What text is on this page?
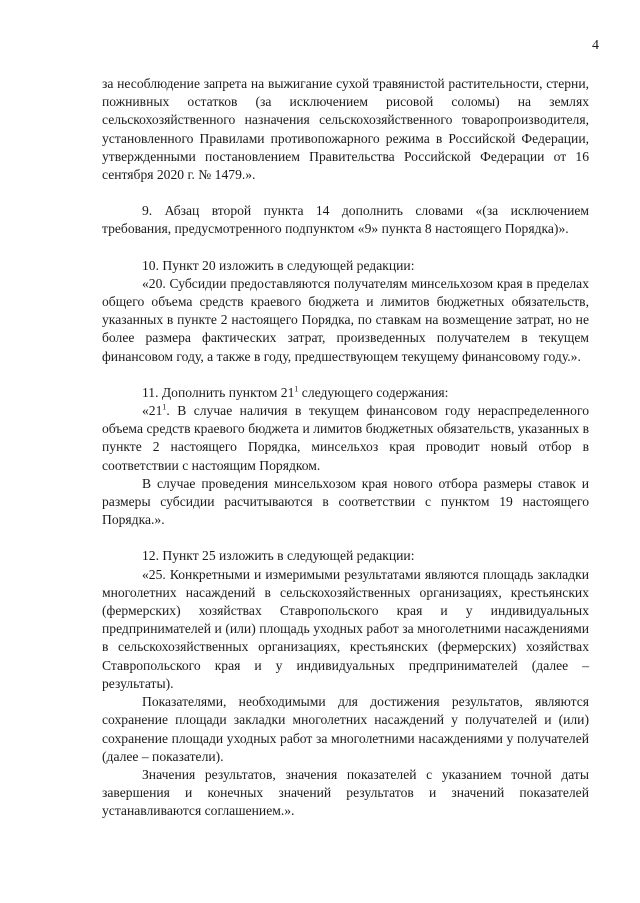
4

за несоблюдение запрета на выжигание сухой травянистой растительности, стерни, пожнивных остатков (за исключением рисовой соломы) на землях сельскохозяйственного назначения сельскохозяйственного товаропроизводителя, установленного Правилами противопожарного режима в Российской Федерации, утвержденными постановлением Правительства Российской Федерации от 16 сентября 2020 г. № 1479.».

9. Абзац второй пункта 14 дополнить словами «(за исключением требования, предусмотренного подпунктом «9» пункта 8 настоящего Порядка)».

10. Пункт 20 изложить в следующей редакции:

«20. Субсидии предоставляются получателям минсельхозом края в пределах общего объема средств краевого бюджета и лимитов бюджетных обязательств, указанных в пункте 2 настоящего Порядка, по ставкам на возмещение затрат, но не более размера фактических затрат, произведенных получателем в текущем финансовом году, а также в году, предшествующем текущему финансовому году.».

11. Дополнить пунктом $21^1$ следующего содержания:

«$21^1$. В случае наличия в текущем финансовом году нераспределенного объема средств краевого бюджета и лимитов бюджетных обязательств, указанных в пункте 2 настоящего Порядка, минсельхоз края проводит новый отбор в соответствии с настоящим Порядком.

В случае проведения минсельхозом края нового отбора размеры ставок и размеры субсидии расчитываются в соответствии с пунктом 19 настоящего Порядка.».

12. Пункт 25 изложить в следующей редакции:

«25. Конкретными и измеримыми результатами являются площадь закладки многолетних насаждений в сельскохозяйственных организациях, крестьянских (фермерских) хозяйствах Ставропольского края и у индивидуальных предпринимателей и (или) площадь уходных работ за многолетними насаждениями в сельскохозяйственных организациях, крестьянских (фермерских) хозяйствах Ставропольского края и у индивидуальных предпринимателей (далее – результаты).

Показателями, необходимыми для достижения результатов, являются сохранение площади закладки многолетних насаждений у получателей и (или) сохранение площади уходных работ за многолетними насаждениями у получателей (далее – показатели).

Значения результатов, значения показателей с указанием точной даты завершения и конечных значений результатов и значений показателей устанавливаются соглашением.».
